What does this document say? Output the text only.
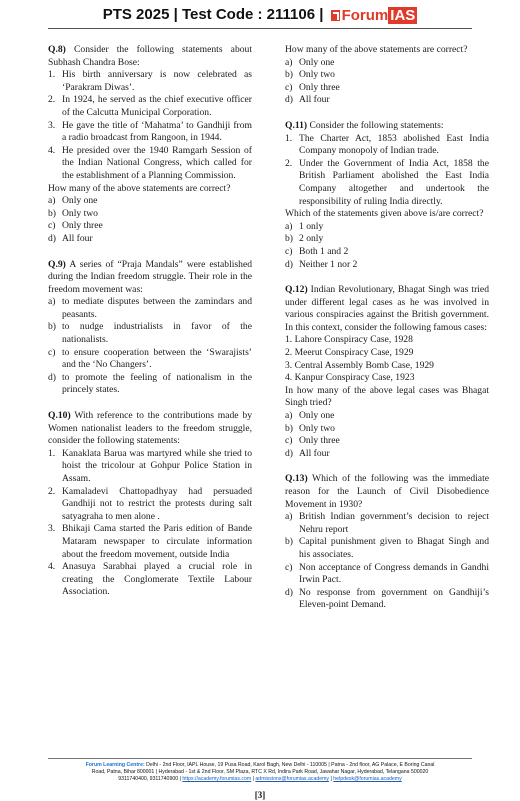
PTS 2025 | Test Code : 211106 | Forum IAS
Q.8) Consider the following statements about Subhash Chandra Bose:
1. His birth anniversary is now celebrated as ‘Parakram Diwas’.
2. In 1924, he served as the chief executive officer of the Calcutta Municipal Corporation.
3. He gave the title of ‘Mahatma’ to Gandhiji from a radio broadcast from Rangoon, in 1944.
4. He presided over the 1940 Ramgarh Session of the Indian National Congress, which called for the establishment of a Planning Commission.
How many of the above statements are correct?
a) Only one
b) Only two
c) Only three
d) All four
Q.9) A series of “Praja Mandals” were established during the Indian freedom struggle. Their role in the freedom movement was:
a) to mediate disputes between the zamindars and peasants.
b) to nudge industrialists in favor of the nationalists.
c) to ensure cooperation between the ‘Swarajists’ and the ‘No Changers’.
d) to promote the feeling of nationalism in the princely states.
Q.10) With reference to the contributions made by Women nationalist leaders to the freedom struggle, consider the following statements:
1. Kanaklata Barua was martyred while she tried to hoist the tricolour at Gohpur Police Station in Assam.
2. Kamaladevi Chattopadhyay had persuaded Gandhiji not to restrict the protests during salt satyagraha to men alone .
3. Bhikaji Cama started the Paris edition of Bande Mataram newspaper to circulate information about the freedom movement, outside India
4. Anasuya Sarabhai played a crucial role in creating the Conglomerate Textile Labour Association.
How many of the above statements are correct?
a) Only one
b) Only two
c) Only three
d) All four
Q.11) Consider the following statements:
1. The Charter Act, 1853 abolished East India Company monopoly of Indian trade.
2. Under the Government of India Act, 1858 the British Parliament abolished the East India Company altogether and undertook the responsibility of ruling India directly.
Which of the statements given above is/are correct?
a) 1 only
b) 2 only
c) Both 1 and 2
d) Neither 1 nor 2
Q.12) Indian Revolutionary, Bhagat Singh was tried under different legal cases as he was involved in various conspiracies against the British government. In this context, consider the following famous cases:
1. Lahore Conspiracy Case, 1928
2. Meerut Conspiracy Case, 1929
3. Central Assembly Bomb Case, 1929
4. Kanpur Conspiracy Case, 1923
In how many of the above legal cases was Bhagat Singh tried?
a) Only one
b) Only two
c) Only three
d) All four
Q.13) Which of the following was the immediate reason for the Launch of Civil Disobedience Movement in 1930?
a) British Indian government’s decision to reject Nehru report
b) Capital punishment given to Bhagat Singh and his associates.
c) Non acceptance of Congress demands in Gandhi Irwin Pact.
d) No response from government on Gandhiji’s Eleven-point Demand.
Forum Learning Centre: Delhi - 2nd Floor, IAPL House, 19 Pusa Road, Karol Bagh, New Delhi - 110005 | Patna - 2nd floor, AG Palace, E Boring Canal
Road, Patna, Bihar 800001 | Hyderabad - 1st & 2nd Floor, SM Plaza, RTC X Rd, Indira Park Road, Jawahar Nagar, Hyderabad, Telangana 500020
9311740400, 9311740900 | https://academy.forumias.com | admissions@forumias.academy | helpdesk@forumias.academy
[3]
